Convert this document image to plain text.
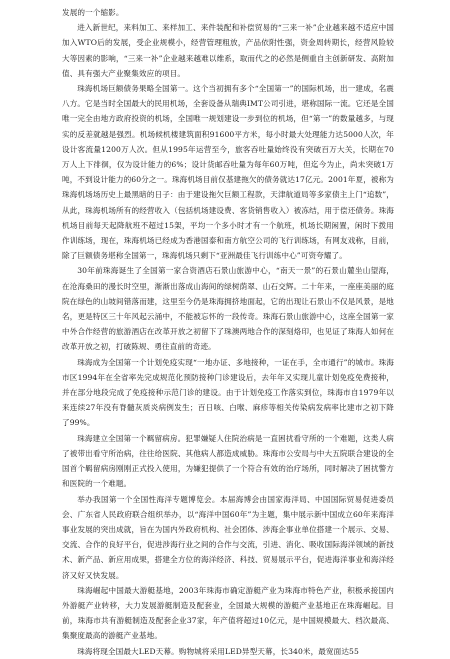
发展的一个缩影。

进入新世纪，来料加工、来样加工、来件装配和补偿贸易的“三来一补”企业越来越不适应中国加入WTO后的发展，受企业规模小，经营管理粗放，产品依附性强，资金周转期长，经营风险较大等因素的影响，“三来一补”企业越来越难以维系，取而代之的必然是侧重自主创新研发、高附加值、具有强大产业聚集效应的项目。

珠海机场巨额债务果略全国第一。这个当初拥有多个“全国第一”的国际机场，出一建成，名震八方。它是当时全国最大的民用机场，全套设备从瑞典IMT公司引进，堪称国际一流。它还是全国唯一完全由地方政府投资的机场，全国唯一规划建设一步到位的机场，但“第一”的数量越多，与现实的反差就越是强烈。机场候机楼建筑面积91600平方米，每小时最大处理能力达5000人次，年设计客流量1200万人次。但从1995年运营至今，旅客吞吐量始终没有突破百万大关，长期在70万人上下徘徊，仅为设计能力的6%；设计货邮吞吐量为每年60万吨，但迄今为止，尚未突破1万吨，不到设计能力的60分之一。珠海机场目前仅基建拖欠的债务就达17亿元。2001年夏，被称为珠海机场场历史上最黑暗的日子：由于建设拖欠巨额工程款，天津航道局等多家债主上门“追数”，从此，珠海机场所有的经营收入（包括机场建设费、客货销售收入）被冻结，用于偿还债务。珠海机场目前每天起降航班不超过15架，平均一个多小时才有一个航班，机场长期闲置，闲时下拨用作训练场，现在，珠海机场已经成为香港国泰和南方航空公司的飞行训练场，有网友戏称，目前，除了巨额债务堪称全国第一，珠海机场只剩下“亚洲最佳飞行训练中心”可资夸耀了。

30年前珠海诞生了全国第一家合资酒店石景山旅游中心，“南天一景”的石景山麓坐山望海，在沧海桑田的漫长时空里，渐渐出落成山海间的绿树荫翠、山石交辉。二十年来，一座座美丽的庭院在绿色的山坡间错落而建，这里至今仍是珠海拥挤地面起，它的出现让石景山不仅是风景，是地名，更是特区三十年风起云涌中，不能被忘怀的一段传奇。珠海石景山旅游中心，这座全国第一家中外合作经营的旅游酒店在改革开放之初留下了珠澳两地合作的深刻烙印，也见证了珠海人如何在改革开放之初，打破陈规、勇往直前的奇迹。

珠海成为全国第一个计划免疫实现“一地办证、多地接种，一证在手，全市通行”的城市。珠海市区1994年在全省率先完成规范化预防接种门诊建设后，去年年又实现儿童计划免疫免费接种，并在部分地段完成了免疫接种示范门诊的建设。由于计划免疫工作落实到位，珠海市自1979年以来连续27年没有脊髓灰质炎病例发生；百日咳、白喉、麻疹等相关传染病发病率比建市之初下降了99%。

珠海建立全国第一个羁留病房。犯罪嫌疑人住院治病是一直困扰看守所的一个难题，这类人病了被带出看守所治病，往往给医院、其他病人都造成威胁。珠海市公安局与中大五院联合建设的全国首个羁留病房刚刚正式投入使用，为嫌犯提供了一个符合有效的治疗场所，同时解决了困扰警方和医院的一个难题。

举办我国第一个全国性海洋专题博览会。本届海博会由国家海洋局、中国国际贸易促进委员会、广东省人民政府联合组织举办，以“海洋中国60年”为主题，集中展示新中国成立60年来海洋事业发展的突出成就，旨在为国内外政府机构、社会团体、涉海企事业单位搭建一个展示、交易、交流、合作的良好平台，促进涉海行业之间的合作与交流，引进、消化、吸收国际海洋领域的新技术、新产品、新应用成果，搭建全方位的海洋经济、科技、贸易展示平台，促进海洋事业和海洋经济又好又快发展。

珠海崛起中国最大游艇基地，2003年珠海市确定游艇产业为珠海市特色产业，积极承接国内外游艇产业转移，大力发展游艇制造及配套业，全国最大规模的游艇产业基地正在珠海崛起。目前，珠海市共有游艇制造及配套企业37家，年产值将超过10亿元，是中国规模最大、档次最高、集聚度最高的游艇产业基地。

珠海将现全国最大LED天幕。购物城将采用LED异型天幕，长340米，最宽面达55
